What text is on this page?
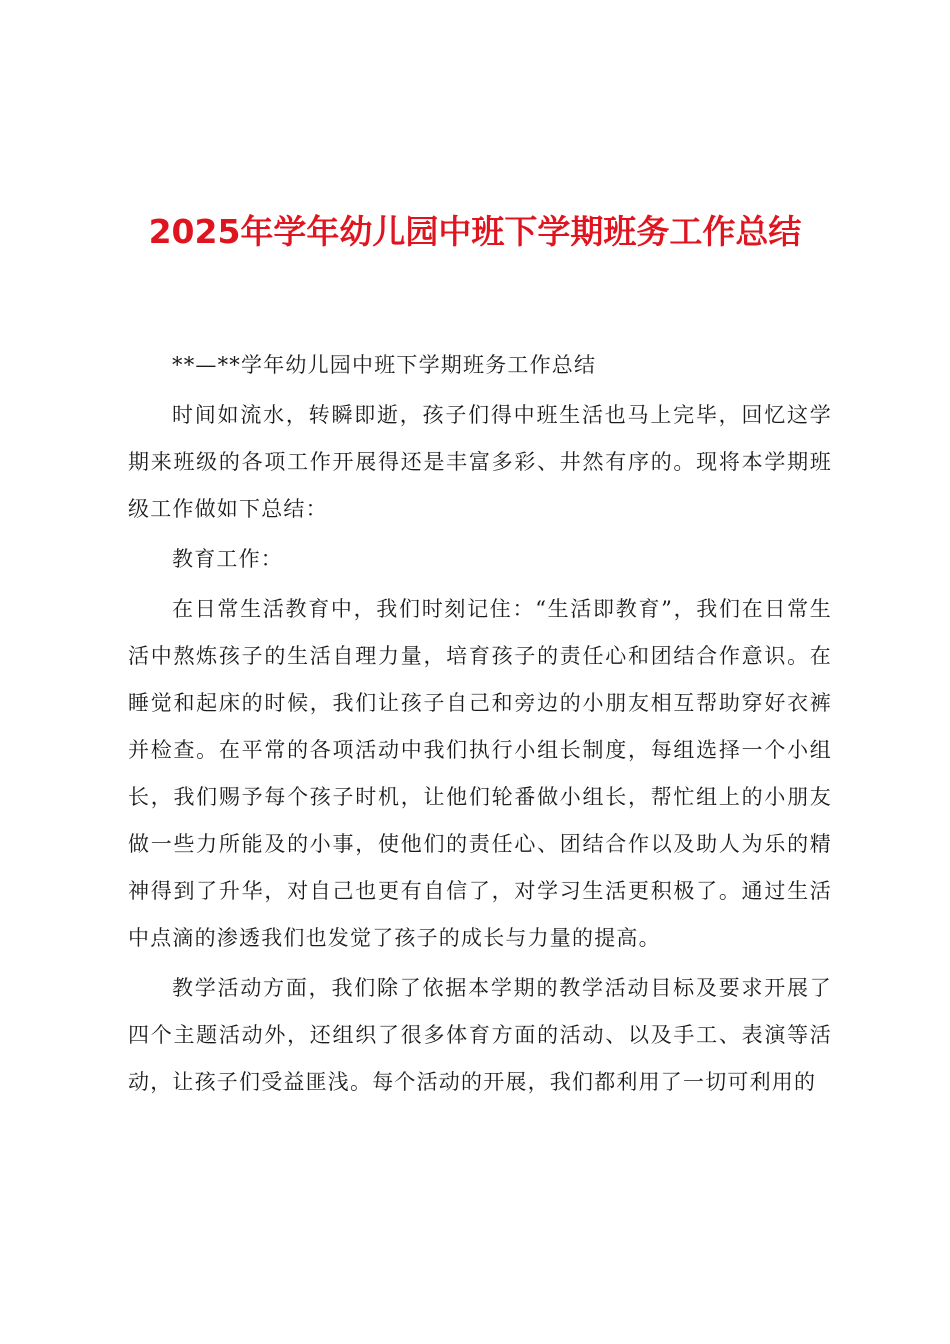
2025年学年幼儿园中班下学期班务工作总结

**—**学年幼儿园中班下学期班务工作总结

时间如流水，转瞬即逝，孩子们得中班生活也马上完毕，回忆这学期来班级的各项工作开展得还是丰富多彩、井然有序的。现将本学期班级工作做如下总结：

教育工作：

在日常生活教育中，我们时刻记住：“生活即教育”，我们在日常生活中熬炼孩子的生活自理力量，培育孩子的责任心和团结合作意识。在睡觉和起床的时候，我们让孩子自己和旁边的小朋友相互帮助穿好衣裤并检查。在平常的各项活动中我们执行小组长制度，每组选择一个小组长，我们赐予每个孩子时机，让他们轮番做小组长，帮忙组上的小朋友做一些力所能及的小事，使他们的责任心、团结合作以及助人为乐的精神得到了升华，对自己也更有自信了，对学习生活更积极了。通过生活中点滴的渗透我们也发觉了孩子的成长与力量的提高。

教学活动方面，我们除了依据本学期的教学活动目标及要求开展了四个主题活动外，还组织了很多体育方面的活动、以及手工、表演等活动，让孩子们受益匪浅。每个活动的开展，我们都利用了一切可利用的
